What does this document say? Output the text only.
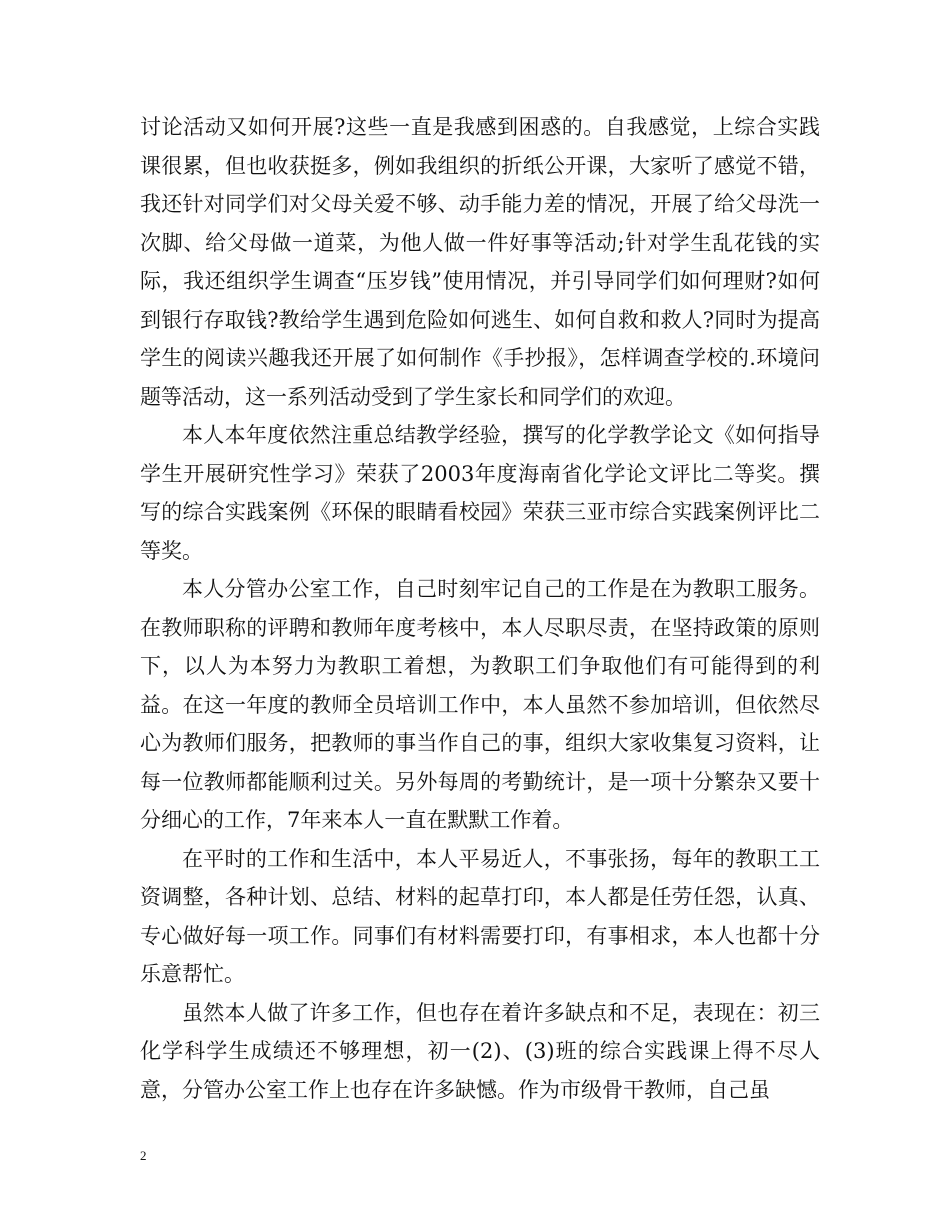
讨论活动又如何开展?这些一直是我感到困惑的。自我感觉，上综合实践课很累，但也收获挺多，例如我组织的折纸公开课，大家听了感觉不错，我还针对同学们对父母关爱不够、动手能力差的情况，开展了给父母洗一次脚、给父母做一道菜，为他人做一件好事等活动;针对学生乱花钱的实际，我还组织学生调查“压岁钱”使用情况，并引导同学们如何理财?如何到银行存取钱?教给学生遇到危险如何逃生、如何自救和救人?同时为提高学生的阅读兴趣我还开展了如何制作《手抄报》，怎样调查学校的.环境问题等活动，这一系列活动受到了学生家长和同学们的欢迎。

本人本年度依然注重总结教学经验，撰写的化学教学论文《如何指导学生开展研究性学习》荣获了2003年度海南省化学论文评比二等奖。撰写的综合实践案例《环保的眼睛看校园》荣获三亚市综合实践案例评比二等奖。

本人分管办公室工作，自己时刻牢记自己的工作是在为教职工服务。在教师职称的评聘和教师年度考核中，本人尽职尽责，在坚持政策的原则下，以人为本努力为教职工着想，为教职工们争取他们有可能得到的利益。在这一年度的教师全员培训工作中，本人虽然不参加培训，但依然尽心为教师们服务，把教师的事当作自己的事，组织大家收集复习资料，让每一位教师都能顺利过关。另外每周的考勤统计，是一项十分繁杂又要十分细心的工作，7年来本人一直在默默工作着。

在平时的工作和生活中，本人平易近人，不事张扬，每年的教职工工资调整，各种计划、总结、材料的起草打印，本人都是任劳任怨，认真、专心做好每一项工作。同事们有材料需要打印，有事相求，本人也都十分乐意帮忙。

虽然本人做了许多工作，但也存在着许多缺点和不足，表现在：初三化学科学生成绩还不够理想，初一(2)、(3)班的综合实践课上得不尽人意，分管办公室工作上也存在许多缺憾。作为市级骨干教师，自己虽

2
